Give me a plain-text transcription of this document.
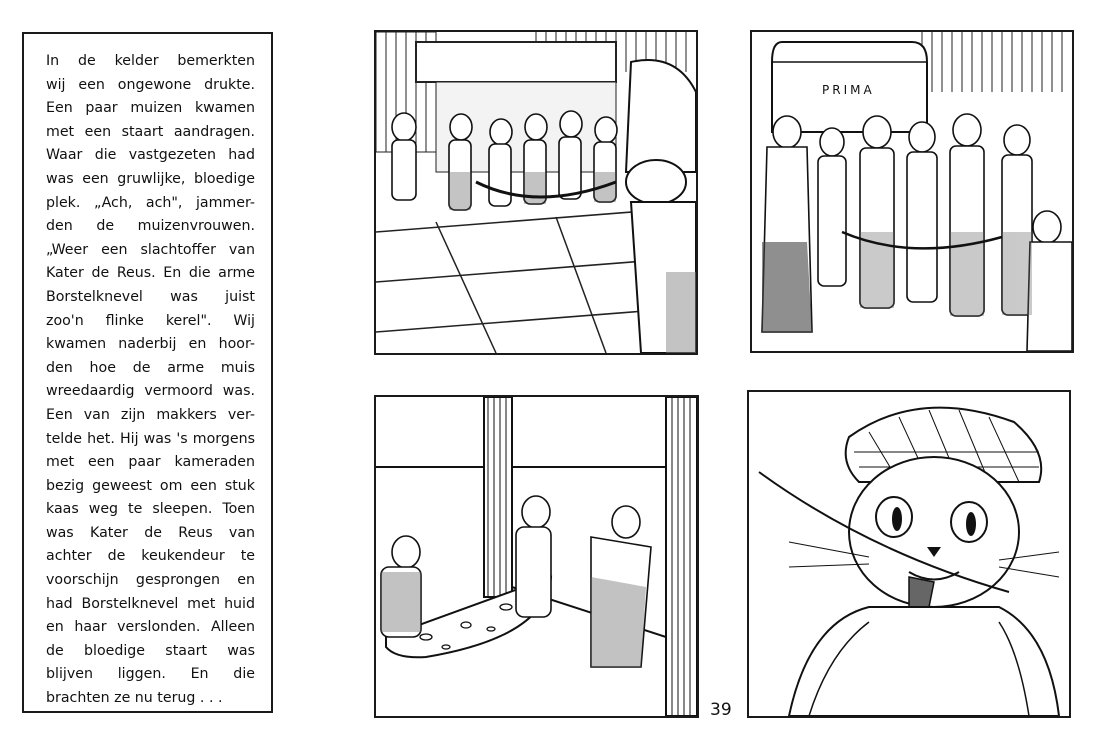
In de kelder bemerkten

wij een ongewone drukte.

Een paar muizen kwamen

met een staart aandragen.

Waar die vastgezeten had

was een gruwlijke, bloedige

plek. „Ach, ach", jammer-

den de muizenvrouwen.

„Weer een slachtoffer van

Kater de Reus. En die arme

Borstelknevel was juist

zoo'n flinke kerel". Wij

kwamen naderbij en hoor-

den hoe de arme muis

wreedaardig vermoord was.

Een van zijn makkers ver-

telde het. Hij was 's morgens

met een paar kameraden

bezig geweest om een stuk

kaas weg te sleepen. Toen

was Kater de Reus van

achter de keukendeur te

voorschijn gesprongen en

had Borstelknevel met huid

en haar verslonden. Alleen

de bloedige staart was

blijven liggen. En die

brachten ze nu terug . . .

PRIMA
39
